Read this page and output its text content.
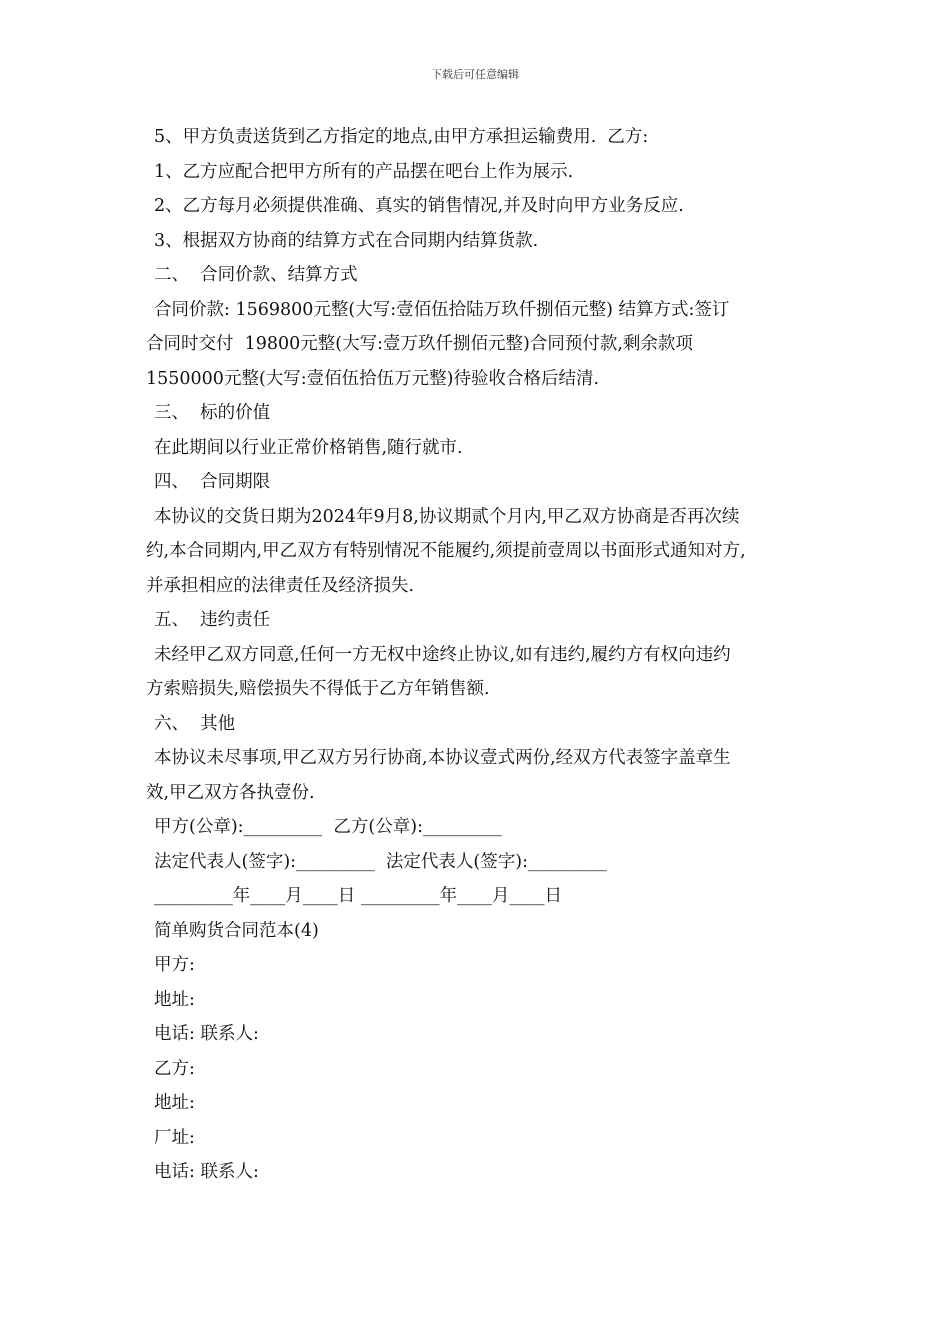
下载后可任意编辑
5、甲方负责送货到乙方指定的地点,由甲方承担运输费用.  乙方:
1、乙方应配合把甲方所有的产品摆在吧台上作为展示.
2、乙方每月必须提供准确、真实的销售情况,并及时向甲方业务反应.
3、根据双方协商的结算方式在合同期内结算货款.
二、  合同价款、结算方式
合同价款: 1569800元整(大写:壹佰伍拾陆万玖仟捌佰元整) 结算方式:签订
合同时交付  19800元整(大写:壹万玖仟捌佰元整)合同预付款,剩余款项
1550000元整(大写:壹佰伍拾伍万元整)待验收合格后结清.
三、  标的价值
在此期间以行业正常价格销售,随行就市.
四、  合同期限
本协议的交货日期为2024年9月8,协议期贰个月内,甲乙双方协商是否再次续
约,本合同期内,甲乙双方有特别情况不能履约,须提前壹周以书面形式通知对方,
并承担相应的法律责任及经济损失.
五、  违约责任
未经甲乙双方同意,任何一方无权中途终止协议,如有违约,履约方有权向违约
方索赔损失,赔偿损失不得低于乙方年销售额.
六、  其他
本协议未尽事项,甲乙双方另行协商,本协议壹式两份,经双方代表签字盖章生
效,甲乙双方各执壹份.
甲方(公章):_________  乙方(公章):_________
法定代表人(签字):_________  法定代表人(签字):_________
_________年____月____日 _________年____月____日
简单购货合同范本(4)
甲方:
地址:
电话: 联系人:
乙方:
地址:
厂址:
电话: 联系人:
